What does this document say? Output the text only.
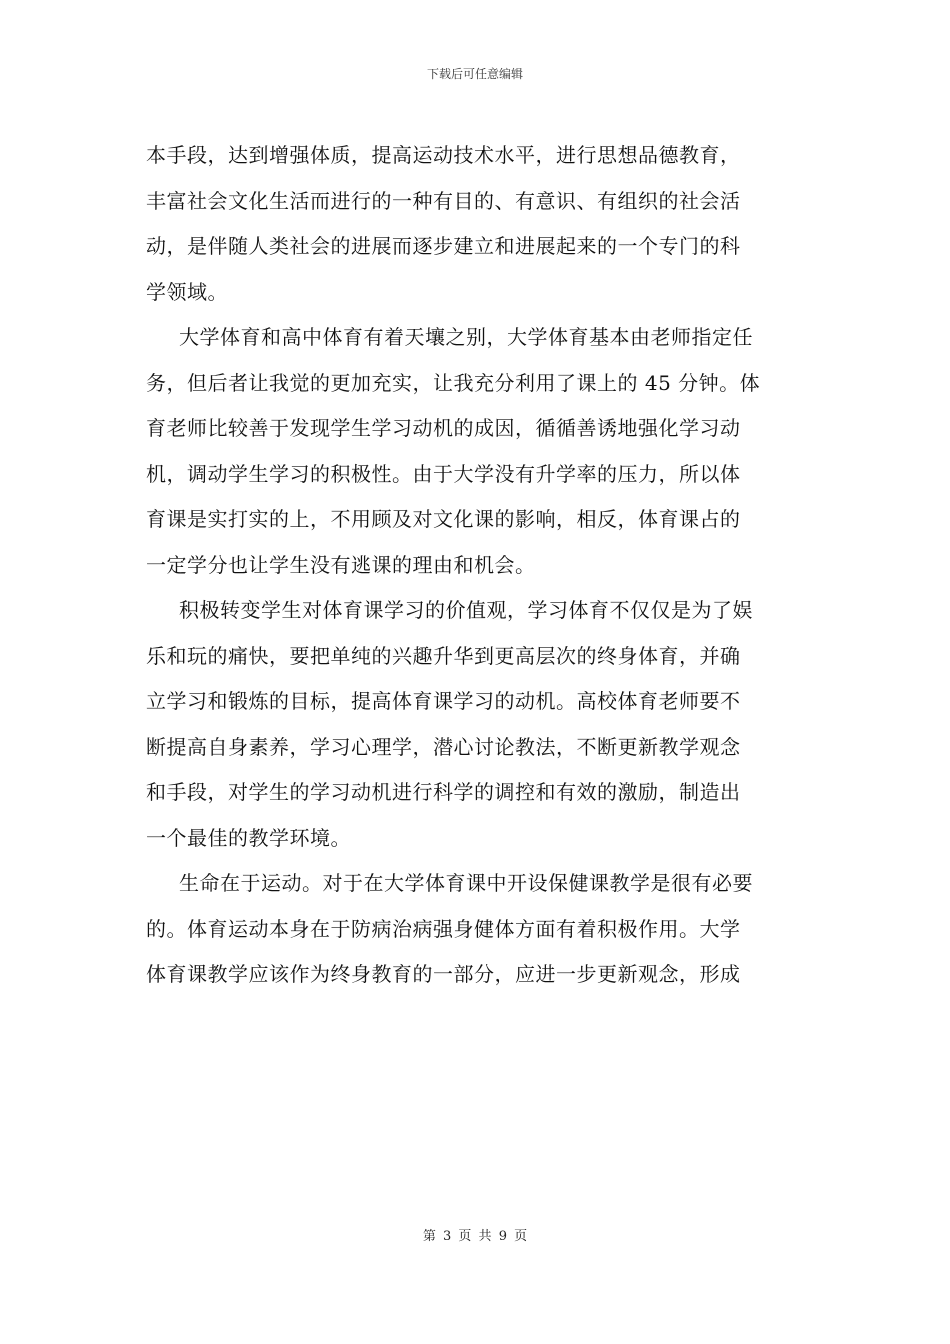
下载后可任意编辑
本手段，达到增强体质，提高运动技术水平，进行思想品德教育，
丰富社会文化生活而进行的一种有目的、有意识、有组织的社会活
动，是伴随人类社会的进展而逐步建立和进展起来的一个专门的科
学领域。
大学体育和高中体育有着天壤之别，大学体育基本由老师指定任
务，但后者让我觉的更加充实，让我充分利用了课上的 45 分钟。体
育老师比较善于发现学生学习动机的成因，循循善诱地强化学习动
机，调动学生学习的积极性。由于大学没有升学率的压力，所以体
育课是实打实的上，不用顾及对文化课的影响，相反，体育课占的
一定学分也让学生没有逃课的理由和机会。
积极转变学生对体育课学习的价值观，学习体育不仅仅是为了娱
乐和玩的痛快，要把单纯的兴趣升华到更高层次的终身体育，并确
立学习和锻炼的目标，提高体育课学习的动机。高校体育老师要不
断提高自身素养，学习心理学，潜心讨论教法，不断更新教学观念
和手段，对学生的学习动机进行科学的调控和有效的激励，制造出
一个最佳的教学环境。
生命在于运动。对于在大学体育课中开设保健课教学是很有必要
的。体育运动本身在于防病治病强身健体方面有着积极作用。大学
体育课教学应该作为终身教育的一部分，应进一步更新观念，形成
第 3 页 共 9 页
